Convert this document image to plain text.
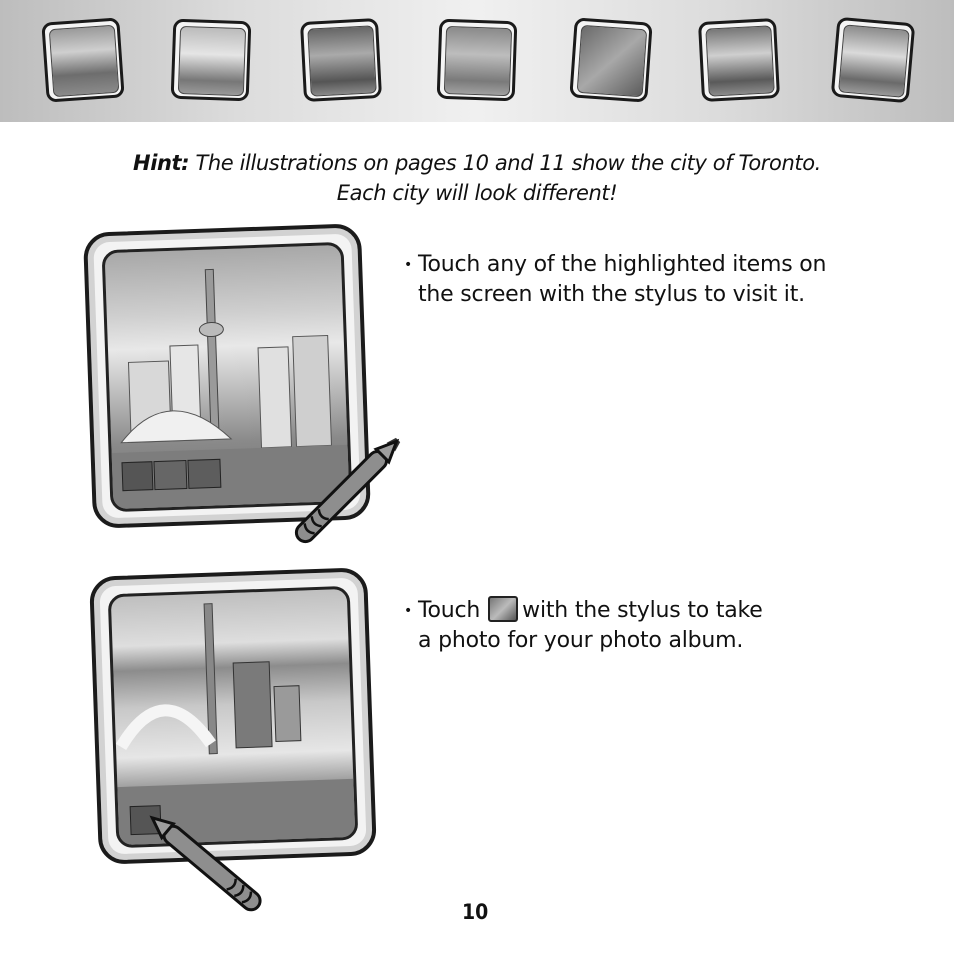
Hint: The illustrations on pages 10 and 11 show the city of Toronto.
Each city will look different!
• Touch any of the highlighted items on
the screen with the stylus to visit it.
• Touch with the stylus to take
a photo for your photo album.
10
